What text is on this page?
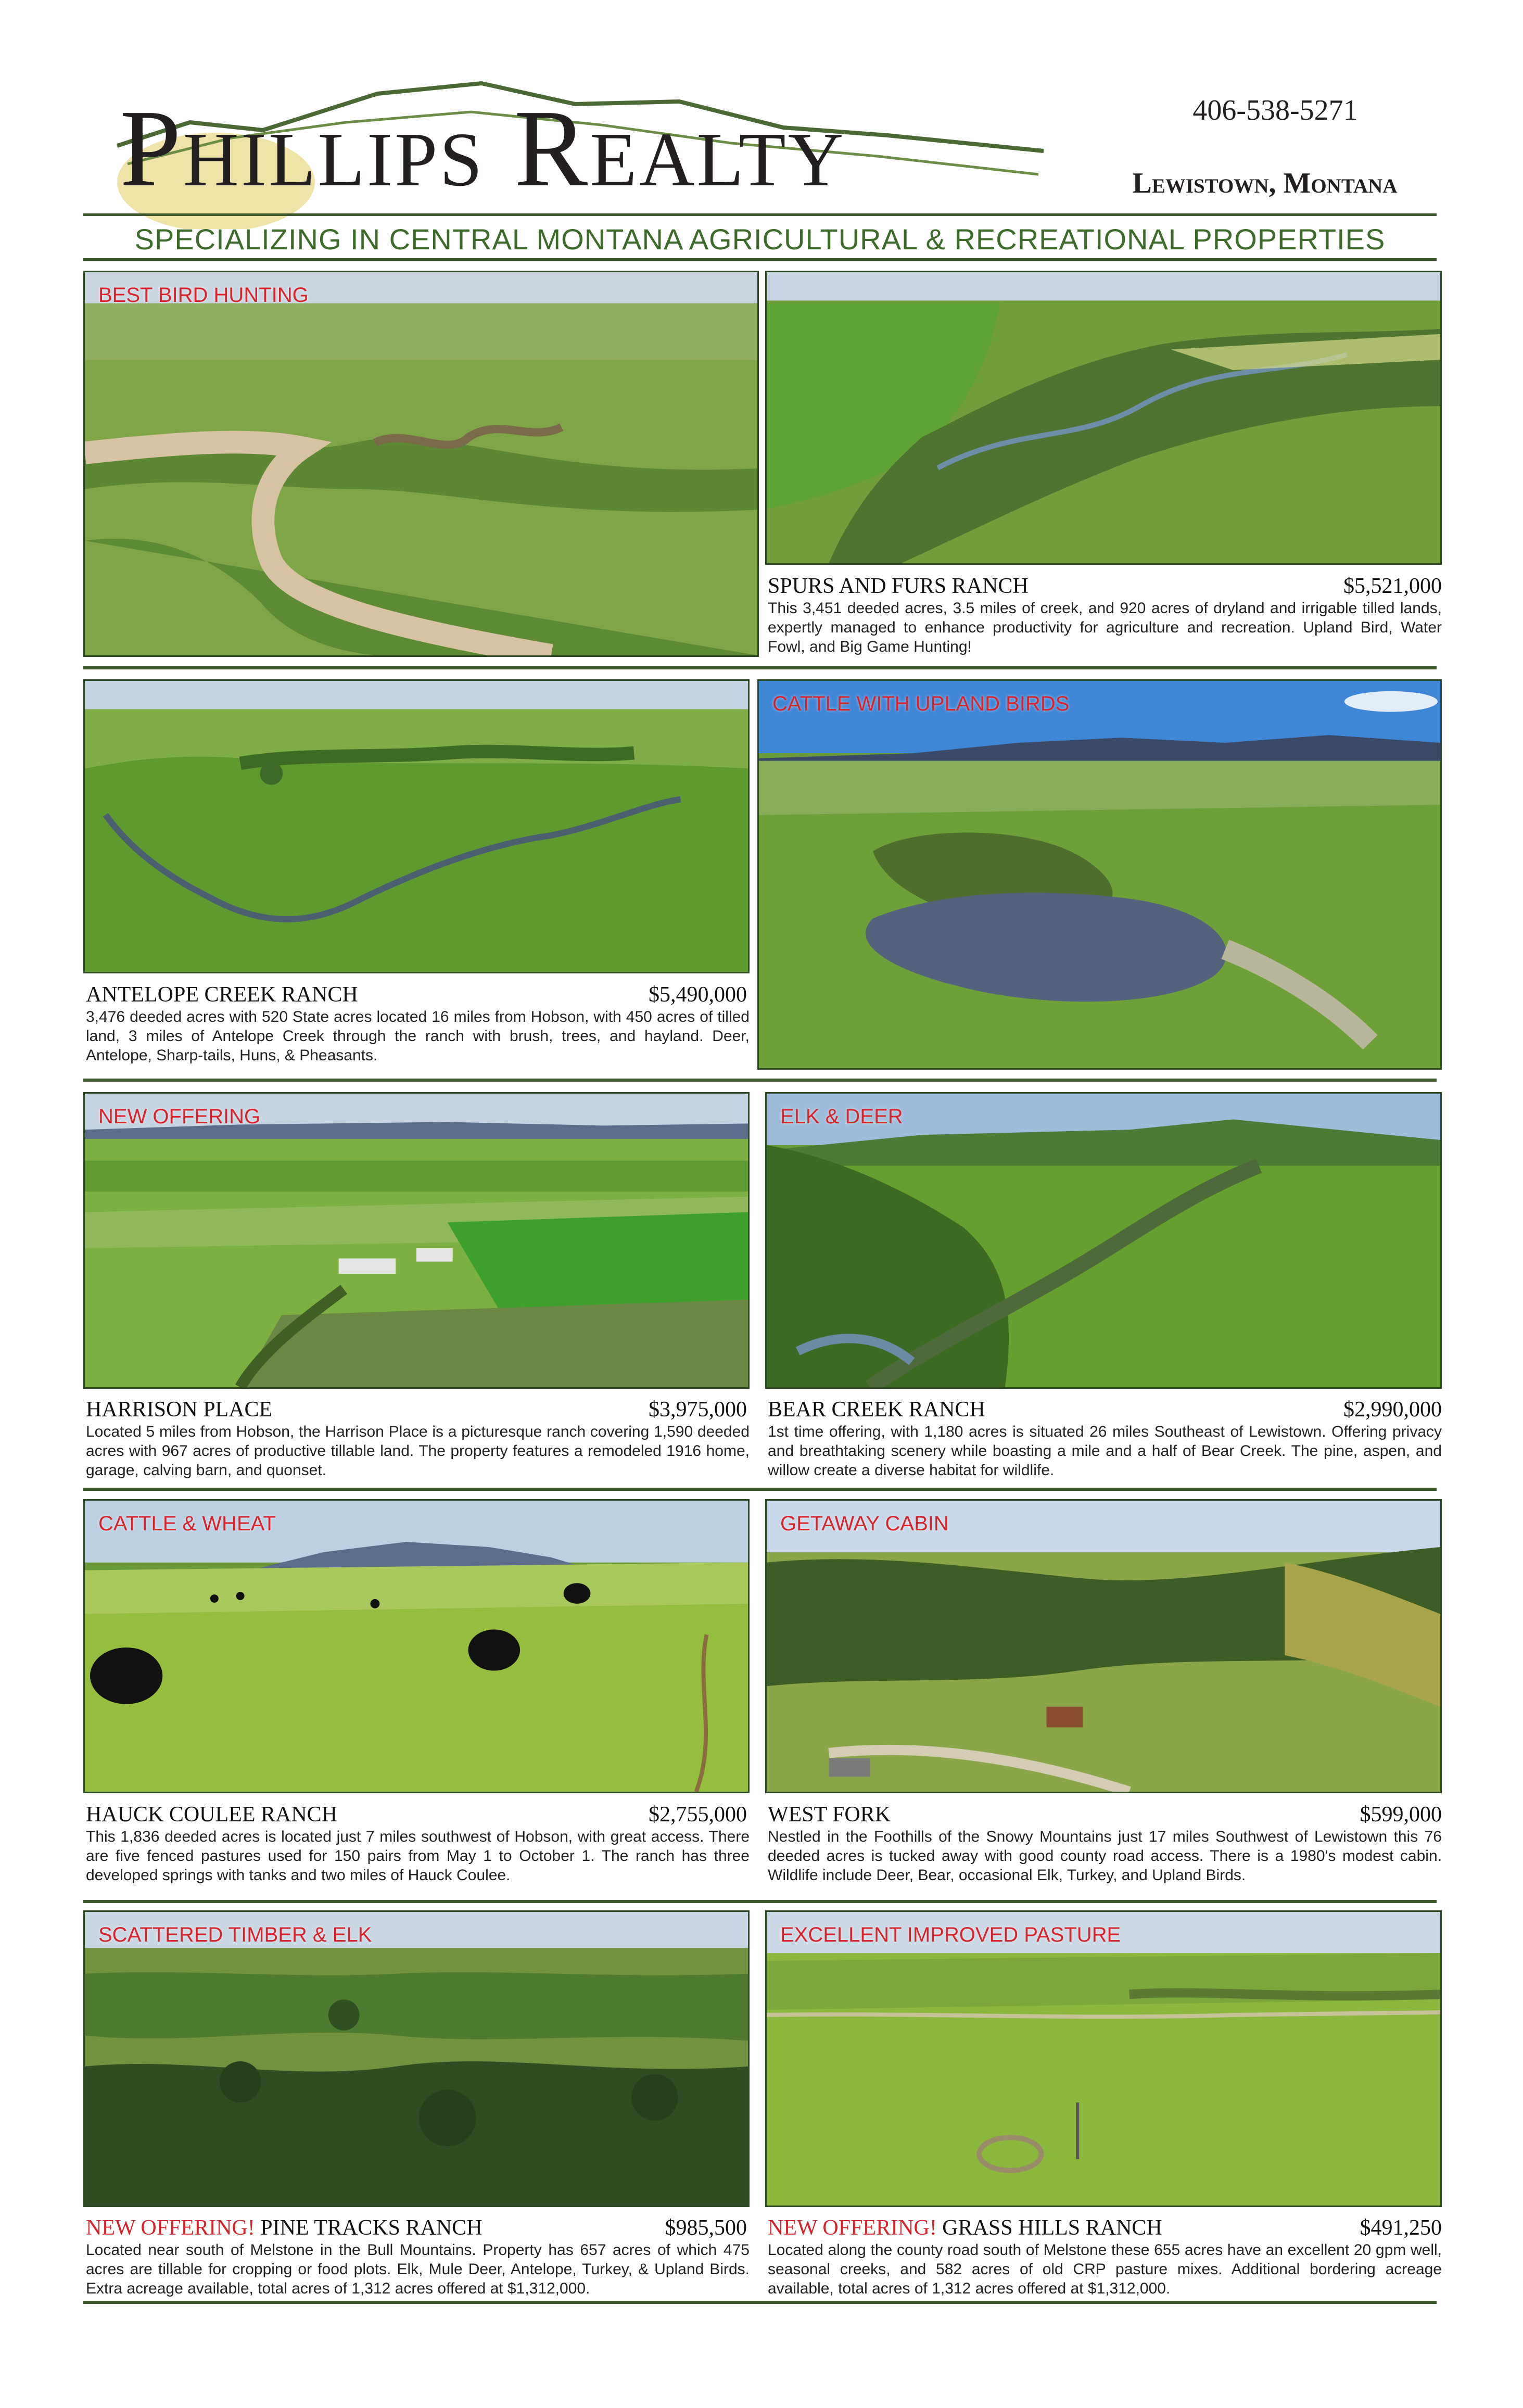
Phillips Realty	406-538-5271
Lewistown, Montana
SPECIALIZING IN CENTRAL MONTANA AGRICULTURAL & RECREATIONAL PROPERTIES
BEST BIRD HUNTING
SPURS AND FURS RANCH	$5,521,000
This 3,451 deeded acres, 3.5 miles of creek, and 920 acres of dryland and irrigable tilled lands, expertly managed to enhance productivity for agriculture and recreation. Upland Bird, Water Fowl, and Big Game Hunting!
ANTELOPE CREEK RANCH	$5,490,000
3,476 deeded acres with 520 State acres located 16 miles from Hobson, with 450 acres of tilled land, 3 miles of Antelope Creek through the ranch with brush, trees, and hayland. Deer, Antelope, Sharp-tails, Huns, & Pheasants.
CATTLE WITH UPLAND BIRDS
NEW OFFERING
HARRISON PLACE	$3,975,000
Located 5 miles from Hobson, the Harrison Place is a picturesque ranch covering 1,590 deeded acres with 967 acres of productive tillable land. The property features a remodeled 1916 home, garage, calving barn, and quonset.
ELK & DEER
BEAR CREEK RANCH	$2,990,000
1st time offering, with 1,180 acres is situated 26 miles Southeast of Lewistown. Offering privacy and breathtaking scenery while boasting a mile and a half of Bear Creek. The pine, aspen, and willow create a diverse habitat for wildlife.
CATTLE & WHEAT
HAUCK COULEE RANCH	$2,755,000
This 1,836 deeded acres is located just 7 miles southwest of Hobson, with great access. There are five fenced pastures used for 150 pairs from May 1 to October 1. The ranch has three developed springs with tanks and two miles of Hauck Coulee.
GETAWAY CABIN
WEST FORK	$599,000
Nestled in the Foothills of the Snowy Mountains just 17 miles Southwest of Lewistown this 76 deeded acres is tucked away with good county road access. There is a 1980's modest cabin. Wildlife include Deer, Bear, occasional Elk, Turkey, and Upland Birds.
SCATTERED TIMBER & ELK
NEW OFFERING! PINE TRACKS RANCH	$985,500
Located near south of Melstone in the Bull Mountains. Property has 657 acres of which 475 acres are tillable for cropping or food plots. Elk, Mule Deer, Antelope, Turkey, & Upland Birds. Extra acreage available, total acres of 1,312 acres offered at $1,312,000.
EXCELLENT IMPROVED PASTURE
NEW OFFERING! GRASS HILLS RANCH	$491,250
Located along the county road south of Melstone these 655 acres have an excellent 20 gpm well, seasonal creeks, and 582 acres of old CRP pasture mixes. Additional bordering acreage available, total acres of 1,312 acres offered at $1,312,000.
